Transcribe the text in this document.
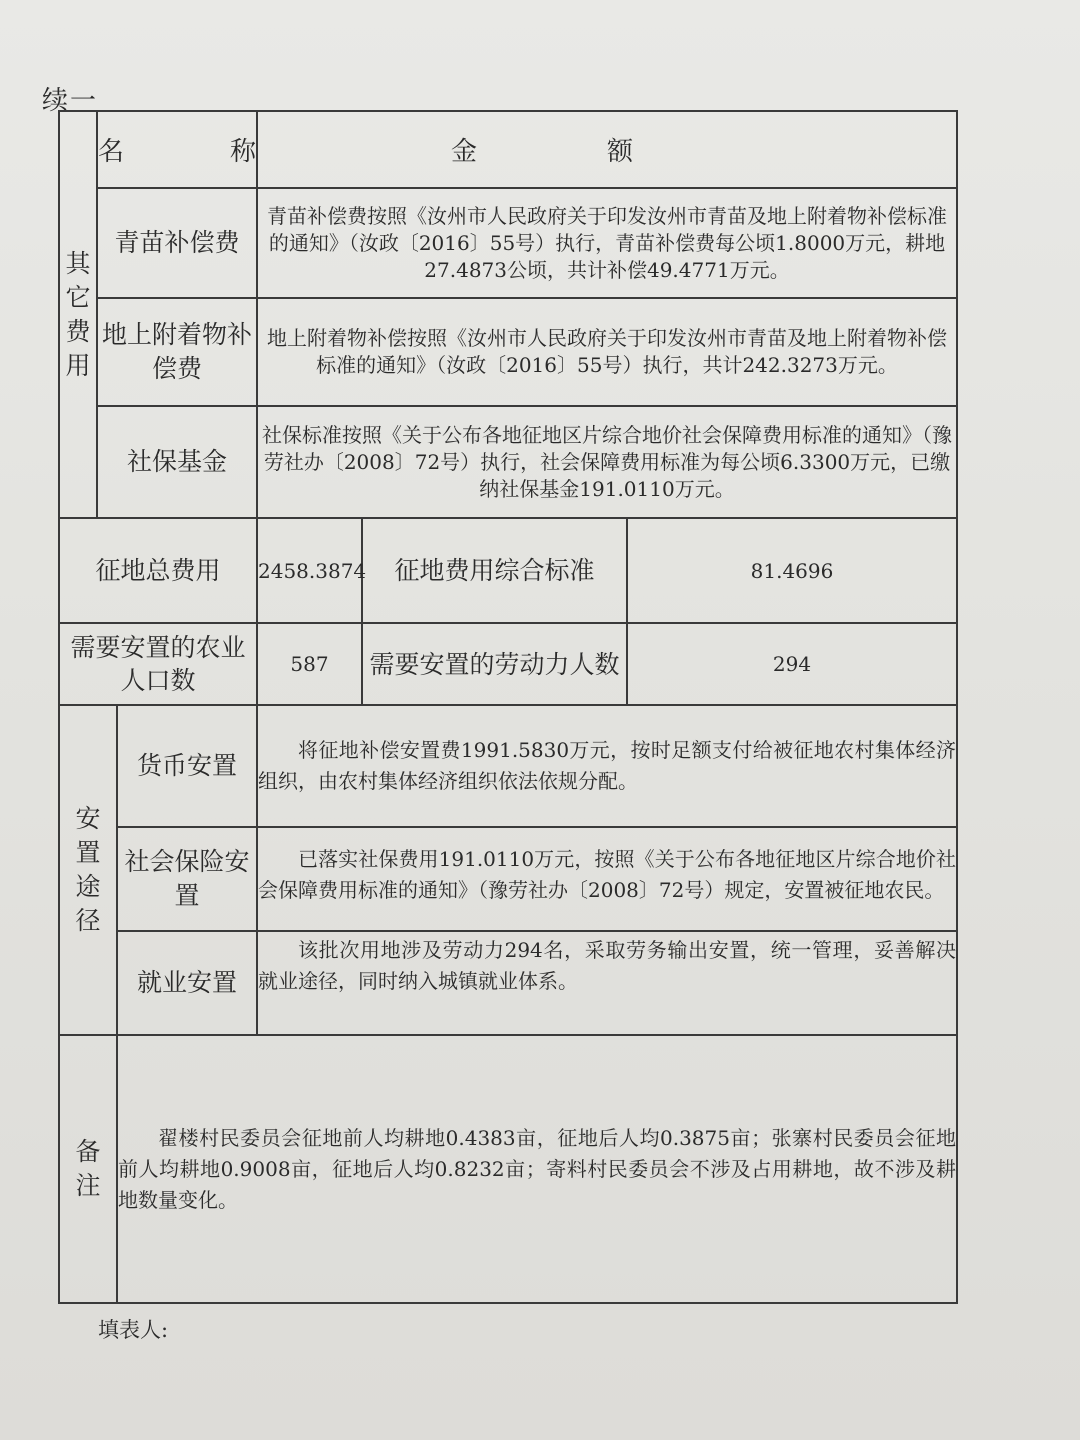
续一
其它费用	名 称		金额		
	青苗补偿费		青苗补偿费按照《汝州市人民政府关于印发汝州市青苗及地上附着物补偿标准的通知》（汝政〔2016〕55号）执行，青苗补偿费每公顷1.8000万元，耕地27.4873公顷，共计补偿49.4771万元。		
	地上附着物补偿费		地上附着物补偿按照《汝州市人民政府关于印发汝州市青苗及地上附着物补偿标准的通知》（汝政〔2016〕55号）执行，共计242.3273万元。		
	社保基金		社保标准按照《关于公布各地征地区片综合地价社会保障费用标准的通知》（豫劳社办〔2008〕72号）执行，社会保障费用标准为每公顷6.3300万元，已缴纳社保基金191.0110万元。		
征地总费用			2458.3874	征地费用综合标准	81.4696
需要安置的农业人口数			587	需要安置的劳动力人数	294
安置途径		货币安置	将征地补偿安置费1991.5830万元，按时足额支付给被征地农村集体经济组织，由农村集体经济组织依法依规分配。		
		社会保险安置	已落实社保费用191.0110万元，按照《关于公布各地征地区片综合地价社会保障费用标准的通知》（豫劳社办〔2008〕72号）规定，安置被征地农民。		
		就业安置	该批次用地涉及劳动力294名，采取劳务输出安置，统一管理，妥善解决就业途径，同时纳入城镇就业体系。		
备注		翟楼村民委员会征地前人均耕地0.4383亩，征地后人均0.3875亩；张寨村民委员会征地前人均耕地0.9008亩，征地后人均0.8232亩；寄料村民委员会不涉及占用耕地，故不涉及耕地数量变化。			
填表人:
